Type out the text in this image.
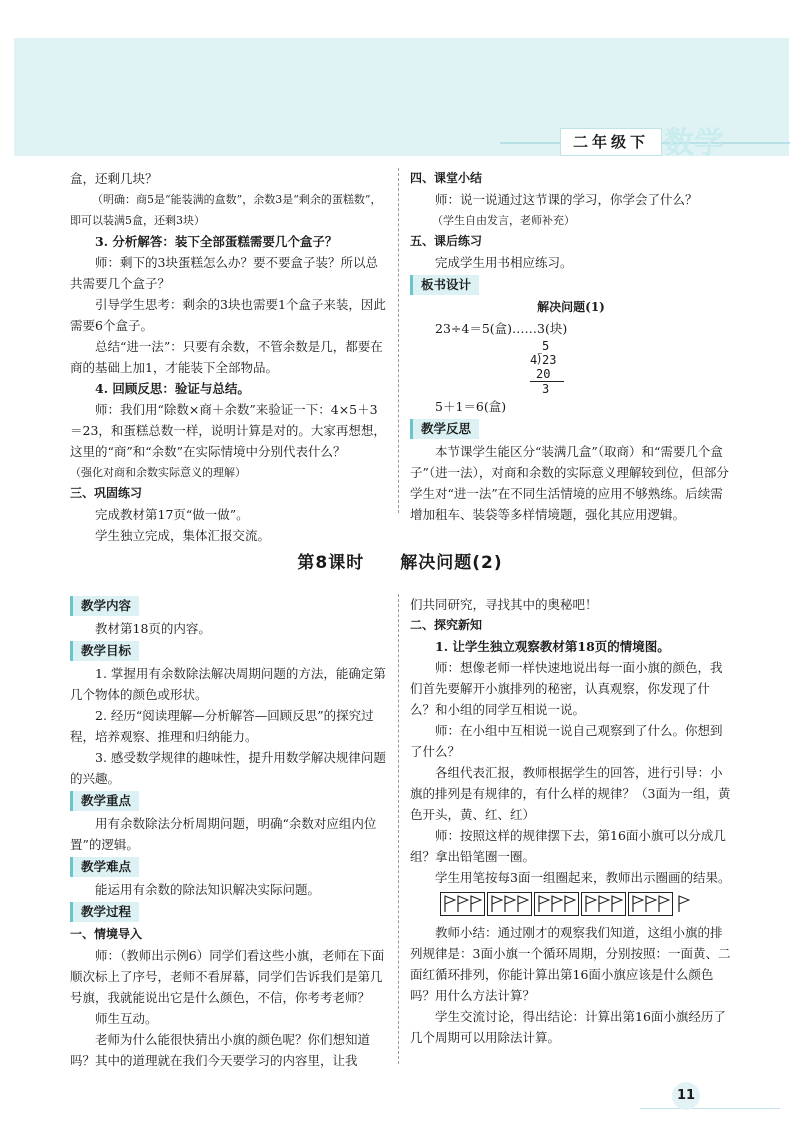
二年级下 数学

盒，还剩几块？

（明确：商5是“能装满的盒数”，余数3是“剩余的蛋糕数”，即可以装满5盒，还剩3块）

3. 分析解答：装下全部蛋糕需要几个盒子？

师：剩下的3块蛋糕怎么办？要不要盒子装？所以总共需要几个盒子？

引导学生思考：剩余的3块也需要1个盒子来装，因此需要6个盒子。

总结“进一法”：只要有余数，不管余数是几，都要在商的基础上加1，才能装下全部物品。

4. 回顾反思：验证与总结。

师：我们用“除数×商＋余数”来验证一下：4×5＋3＝23，和蛋糕总数一样，说明计算是对的。大家再想想，这里的“商”和“余数”在实际情境中分别代表什么？

（强化对商和余数实际意义的理解）

三、巩固练习

完成教材第17页“做一做”。

学生独立完成，集体汇报交流。

四、课堂小结

师：说一说通过这节课的学习，你学会了什么？

（学生自由发言，老师补充）

五、课后练习

完成学生用书相应练习。

板书设计

解决问题(1)

23÷4＝5(盒)……3(块)

5
4⟌23
20
3

5＋1＝6(盒)

教学反思

本节课学生能区分“装满几盒”（取商）和“需要几个盒子”（进一法），对商和余数的实际意义理解较到位，但部分学生对“进一法”在不同生活情境的应用不够熟练。后续需增加租车、装袋等多样情境题，强化其应用逻辑。

第8课时　　解决问题(2)
教学内容

教材第18页的内容。

教学目标

1. 掌握用有余数除法解决周期问题的方法，能确定第几个物体的颜色或形状。

2. 经历“阅读理解—分析解答—回顾反思”的探究过程，培养观察、推理和归纳能力。

3. 感受数学规律的趣味性，提升用数学解决规律问题的兴趣。

教学重点

用有余数除法分析周期问题，明确“余数对应组内位置”的逻辑。

教学难点

能运用有余数的除法知识解决实际问题。

教学过程

一、情境导入

师：（教师出示例6）同学们看这些小旗，老师在下面顺次标上了序号，老师不看屏幕，同学们告诉我们是第几号旗，我就能说出它是什么颜色，不信，你考考老师？

师生互动。

老师为什么能很快猜出小旗的颜色呢？你们想知道吗？其中的道理就在我们今天要学习的内容里，让我

们共同研究，寻找其中的奥秘吧！

二、探究新知

1. 让学生独立观察教材第18页的情境图。

师：想像老师一样快速地说出每一面小旗的颜色，我们首先要解开小旗排列的秘密，认真观察，你发现了什么？和小组的同学互相说一说。

师：在小组中互相说一说自己观察到了什么。你想到了什么？

各组代表汇报，教师根据学生的回答，进行引导：小旗的排列是有规律的，有什么样的规律？（3面为一组，黄色开头，黄、红、红）

师：按照这样的规律摆下去，第16面小旗可以分成几组？拿出铅笔圈一圈。

学生用笔按每3面一组圈起来，教师出示圈画的结果。

教师小结：通过刚才的观察我们知道，这组小旗的排列规律是：3面小旗一个循环周期，分别按照：一面黄、二面红循环排列，你能计算出第16面小旗应该是什么颜色吗？用什么方法计算？

学生交流讨论，得出结论：计算出第16面小旗经历了几个周期可以用除法计算。

11
